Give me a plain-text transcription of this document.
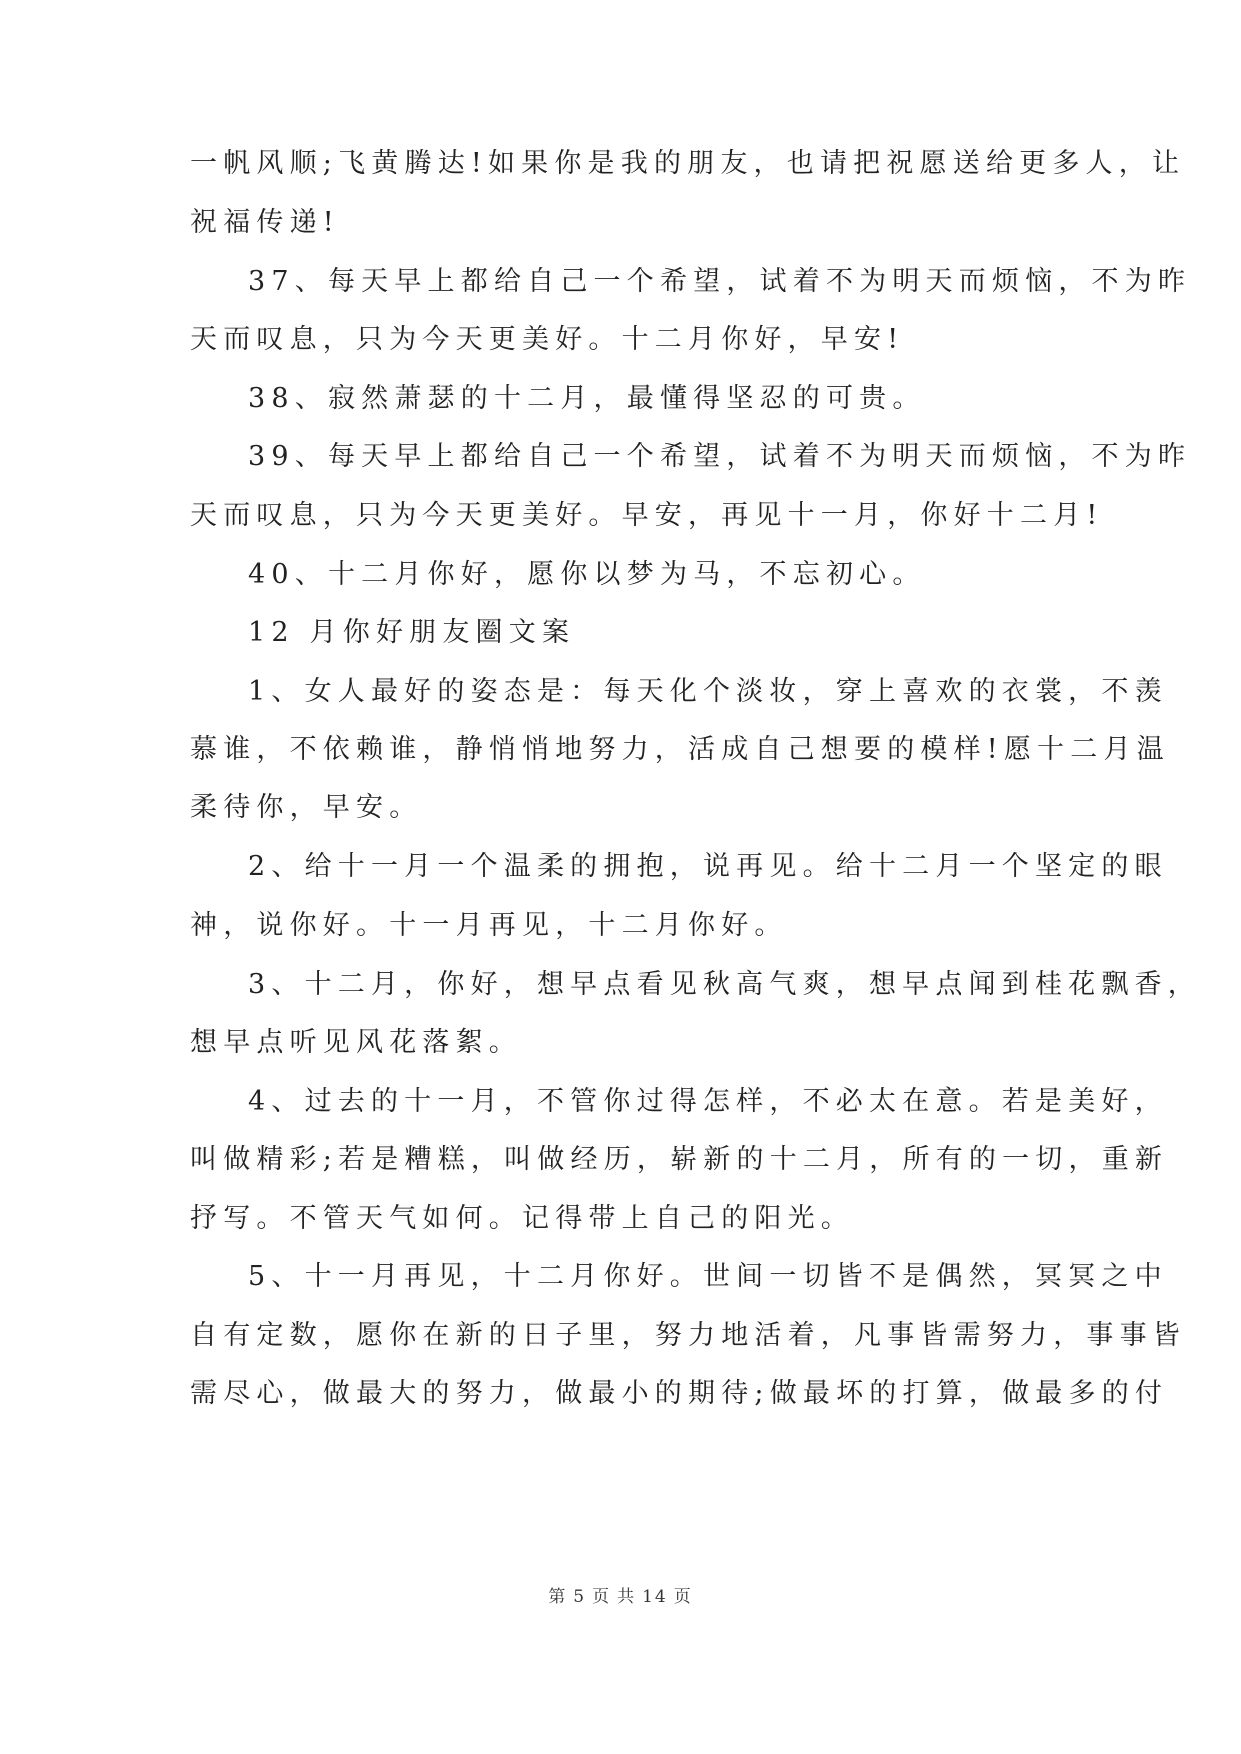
一帆风顺;飞黄腾达!如果你是我的朋友，也请把祝愿送给更多人，让
祝福传递!
37、每天早上都给自己一个希望，试着不为明天而烦恼，不为昨
天而叹息，只为今天更美好。十二月你好，早安!
38、寂然萧瑟的十二月，最懂得坚忍的可贵。
39、每天早上都给自己一个希望，试着不为明天而烦恼，不为昨
天而叹息，只为今天更美好。早安，再见十一月，你好十二月!
40、十二月你好，愿你以梦为马，不忘初心。
12 月你好朋友圈文案
1、女人最好的姿态是：每天化个淡妆，穿上喜欢的衣裳，不羡
慕谁，不依赖谁，静悄悄地努力，活成自己想要的模样!愿十二月温
柔待你，早安。
2、给十一月一个温柔的拥抱，说再见。给十二月一个坚定的眼
神，说你好。十一月再见，十二月你好。
3、十二月，你好，想早点看见秋高气爽，想早点闻到桂花飘香，
想早点听见风花落絮。
4、过去的十一月，不管你过得怎样，不必太在意。若是美好，
叫做精彩;若是糟糕，叫做经历，崭新的十二月，所有的一切，重新
抒写。不管天气如何。记得带上自己的阳光。
5、十一月再见，十二月你好。世间一切皆不是偶然，冥冥之中
自有定数，愿你在新的日子里，努力地活着，凡事皆需努力，事事皆
需尽心，做最大的努力，做最小的期待;做最坏的打算，做最多的付
第 5 页 共 14 页
